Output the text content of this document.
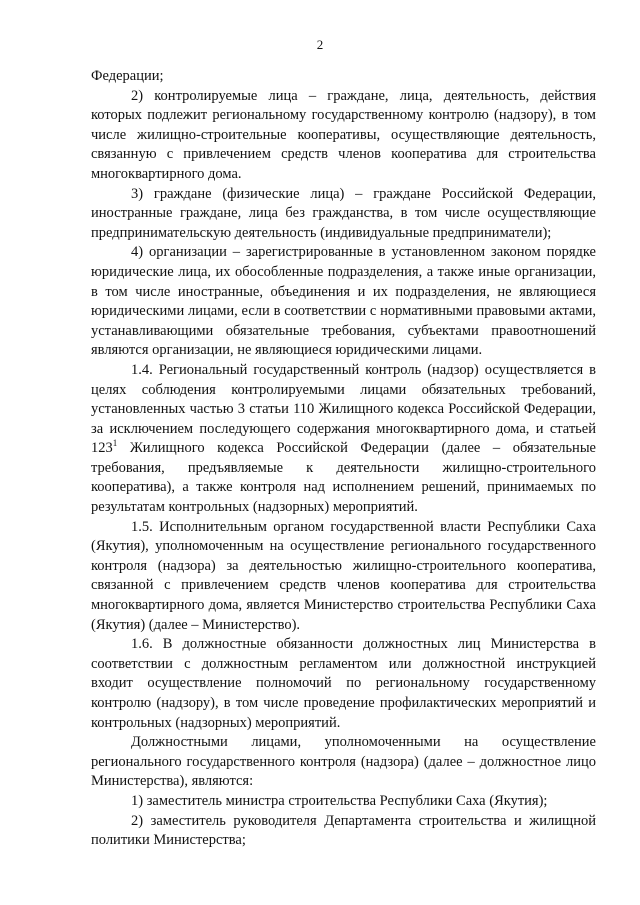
2

Федерации;

2) контролируемые лица – граждане, лица, деятельность, действия которых подлежит региональному государственному контролю (надзору), в том числе жилищно-строительные кооперативы, осуществляющие деятельность, связанную с привлечением средств членов кооператива для строительства многоквартирного дома.

3) граждане (физические лица) – граждане Российской Федерации, иностранные граждане, лица без гражданства, в том числе осуществляющие предпринимательскую деятельность (индивидуальные предприниматели);

4) организации – зарегистрированные в установленном законом порядке юридические лица, их обособленные подразделения, а также иные организации, в том числе иностранные, объединения и их подразделения, не являющиеся юридическими лицами, если в соответствии с нормативными правовыми актами, устанавливающими обязательные требования, субъектами правоотношений являются организации, не являющиеся юридическими лицами.

1.4. Региональный государственный контроль (надзор) осуществляется в целях соблюдения контролируемыми лицами обязательных требований, установленных частью 3 статьи 110 Жилищного кодекса Российской Федерации, за исключением последующего содержания многоквартирного дома, и статьей $123^1$ Жилищного кодекса Российской Федерации (далее – обязательные требования, предъявляемые к деятельности жилищно-строительного кооператива), а также контроля над исполнением решений, принимаемых по результатам контрольных (надзорных) мероприятий.

1.5. Исполнительным органом государственной власти Республики Саха (Якутия), уполномоченным на осуществление регионального государственного контроля (надзора) за деятельностью жилищно-строительного кооператива, связанной с привлечением средств членов кооператива для строительства многоквартирного дома, является Министерство строительства Республики Саха (Якутия) (далее – Министерство).

1.6. В должностные обязанности должностных лиц Министерства в соответствии с должностным регламентом или должностной инструкцией входит осуществление полномочий по региональному государственному контролю (надзору), в том числе проведение профилактических мероприятий и контрольных (надзорных) мероприятий.

Должностными лицами, уполномоченными на осуществление регионального государственного контроля (надзора) (далее – должностное лицо Министерства), являются:

1) заместитель министра строительства Республики Саха (Якутия);

2) заместитель руководителя Департамента строительства и жилищной политики Министерства;
